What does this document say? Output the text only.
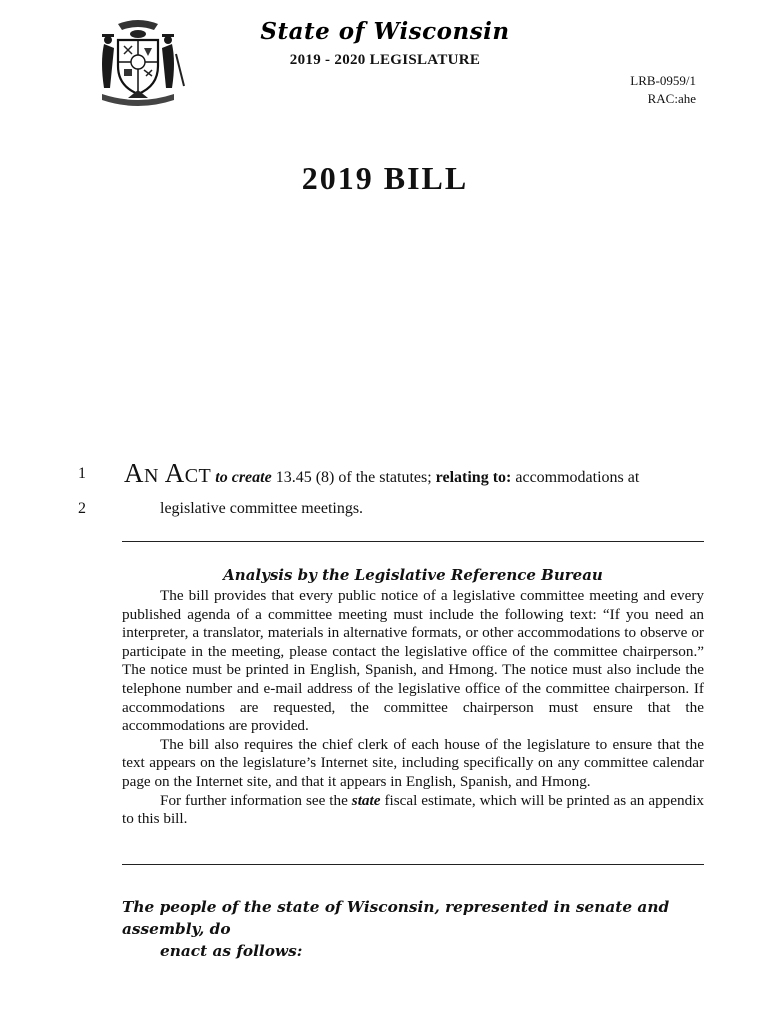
State of Wisconsin
2019 - 2020 LEGISLATURE
LRB-0959/1
RAC:ahe
2019 BILL
1
2
AN ACT to create 13.45 (8) of the statutes; relating to: accommodations at
legislative committee meetings.
Analysis by the Legislative Reference Bureau

The bill provides that every public notice of a legislative committee meeting and every published agenda of a committee meeting must include the following text: “If you need an interpreter, a translator, materials in alternative formats, or other accommodations to observe or participate in the meeting, please contact the legislative office of the committee chairperson.” The notice must be printed in English, Spanish, and Hmong. The notice must also include the telephone number and e-mail address of the legislative office of the committee chairperson. If accommodations are requested, the committee chairperson must ensure that the accommodations are provided.

The bill also requires the chief clerk of each house of the legislature to ensure that the text appears on the legislature’s Internet site, including specifically on any committee calendar page on the Internet site, and that it appears in English, Spanish, and Hmong.

For further information see the state fiscal estimate, which will be printed as an appendix to this bill.

The people of the state of Wisconsin, represented in senate and assembly, do
enact as follows:
